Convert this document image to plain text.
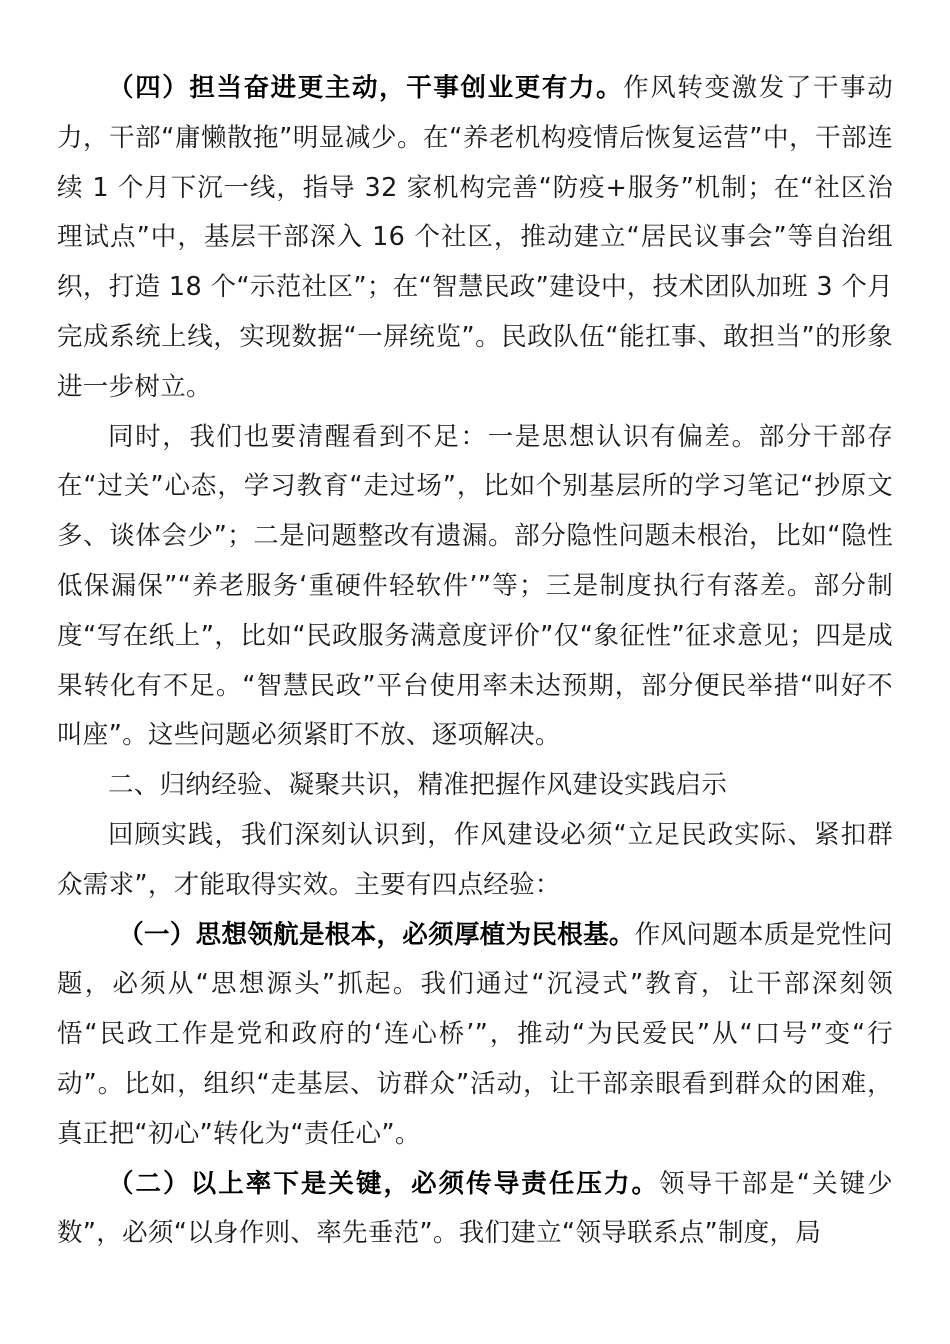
（四）担当奋进更主动，干事创业更有力。作风转变激发了干事动力，干部“庸懒散拖”明显减少。在“养老机构疫情后恢复运营”中，干部连续 1 个月下沉一线，指导 32 家机构完善“防疫+服务”机制；在“社区治理试点”中，基层干部深入 16 个社区，推动建立“居民议事会”等自治组织，打造 18 个“示范社区”；在“智慧民政”建设中，技术团队加班 3 个月完成系统上线，实现数据“一屏统览”。民政队伍“能扛事、敢担当”的形象进一步树立。

同时，我们也要清醒看到不足：一是思想认识有偏差。部分干部存在“过关”心态，学习教育“走过场”，比如个别基层所的学习笔记“抄原文多、谈体会少”；二是问题整改有遗漏。部分隐性问题未根治，比如“隐性低保漏保”“养老服务‘重硬件轻软件’”等；三是制度执行有落差。部分制度“写在纸上”，比如“民政服务满意度评价”仅“象征性”征求意见；四是成果转化有不足。“智慧民政”平台使用率未达预期，部分便民举措“叫好不叫座”。这些问题必须紧盯不放、逐项解决。

二、归纳经验、凝聚共识，精准把握作风建设实践启示

回顾实践，我们深刻认识到，作风建设必须“立足民政实际、紧扣群众需求”，才能取得实效。主要有四点经验：

（一）思想领航是根本，必须厚植为民根基。作风问题本质是党性问题，必须从“思想源头”抓起。我们通过“沉浸式”教育，让干部深刻领悟“民政工作是党和政府的‘连心桥’”，推动“为民爱民”从“口号”变“行动”。比如，组织“走基层、访群众”活动，让干部亲眼看到群众的困难，真正把“初心”转化为“责任心”。

（二）以上率下是关键，必须传导责任压力。领导干部是“关键少数”，必须“以身作则、率先垂范”。我们建立“领导联系点”制度，局
